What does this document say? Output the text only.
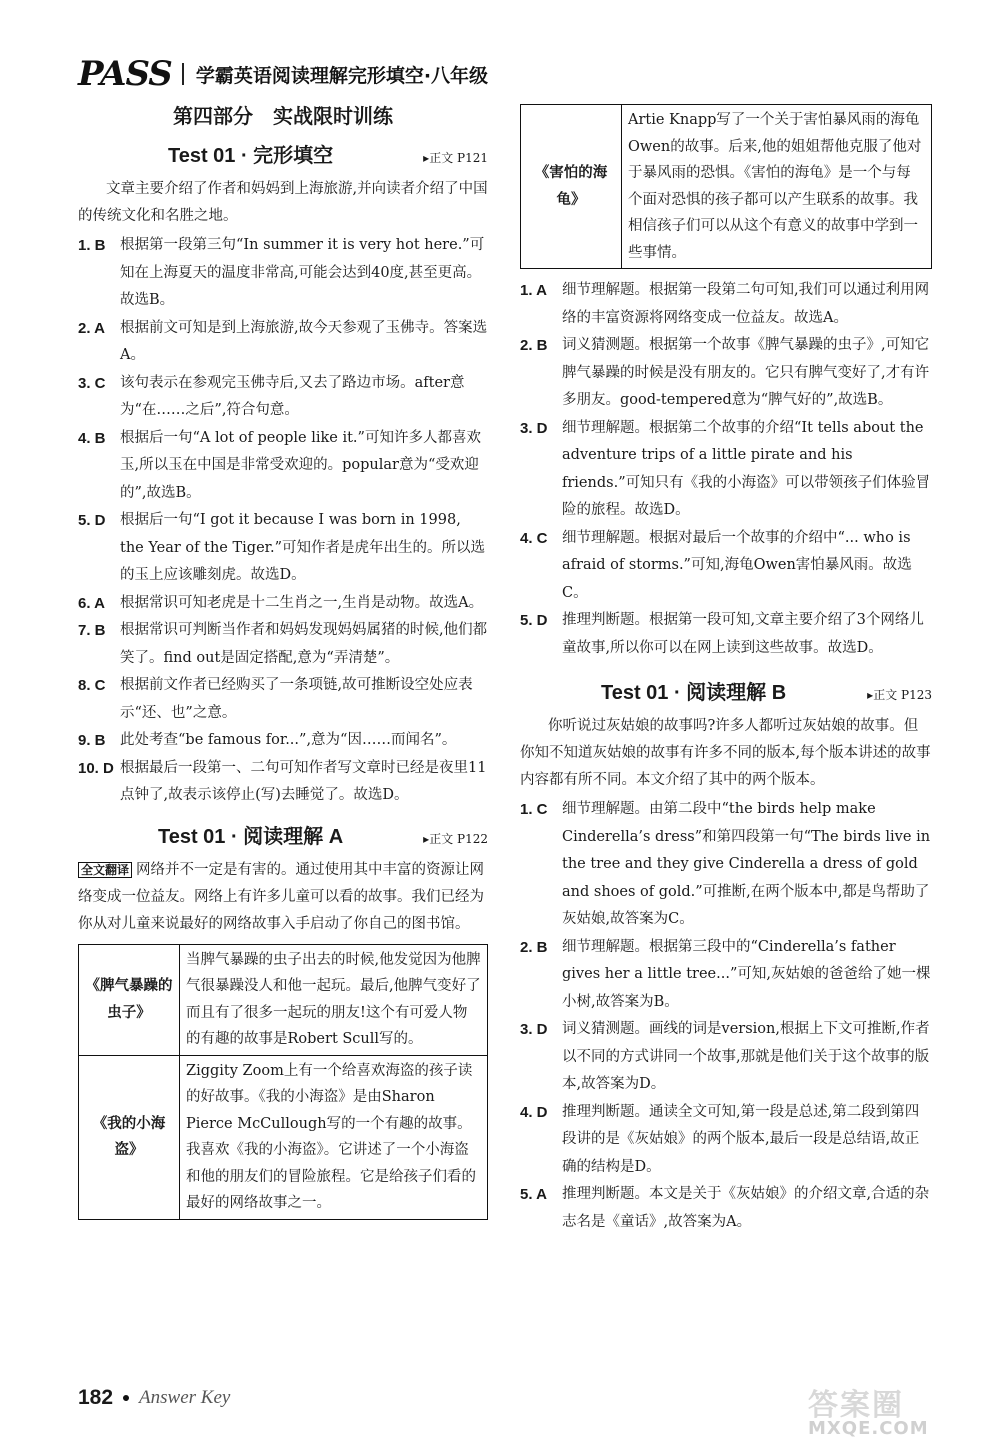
PASS 学霸英语阅读理解完形填空·八年级
第四部分　实战限时训练
Test 01 · 完形填空	▸正文 P121

文章主要介绍了作者和妈妈到上海旅游,并向读者介绍了中国的传统文化和名胜之地。

1. B 根据第一段第三句“In summer it is very hot here.”可知在上海夏天的温度非常高,可能会达到40度,甚至更高。故选B。
2. A	根据前文可知是到上海旅游,故今天参观了玉佛寺。答案选A。
3. C 该句表示在参观完玉佛寺后,又去了路边市场。after意为“在……之后”,符合句意。
4. B 根据后一句“A lot of people like it.”可知许多人都喜欢玉,所以玉在中国是非常受欢迎的。popular意为“受欢迎的”,故选B。
5. D 根据后一句“I got it because I was born in 1998, the Year of the Tiger.”可知作者是虎年出生的。所以选的玉上应该雕刻虎。故选D。
6. A	根据常识可知老虎是十二生肖之一,生肖是动物。故选A。
7. B 根据常识可判断当作者和妈妈发现妈妈属猪的时候,他们都笑了。find out是固定搭配,意为“弄清楚”。
8. C 根据前文作者已经购买了一条项链,故可推断设空处应表示“还、也”之意。
9. B 此处考查“be famous for...”,意为“因……而闻名”。
10. D 根据最后一段第一、二句可知作者写文章时已经是夜里11点钟了,故表示该停止(写)去睡觉了。故选D。
Test 01 · 阅读理解 A	▸正文 P122

全文翻译 网络并不一定是有害的。通过使用其中丰富的资源让网络变成一位益友。网络上有许多儿童可以看的故事。我们已经为你从对儿童来说最好的网络故事入手启动了你自己的图书馆。

《脾气暴躁的虫子》	当脾气暴躁的虫子出去的时候,他发觉因为他脾气很暴躁没人和他一起玩。最后,他脾气变好了而且有了很多一起玩的朋友!这个有可爱人物的有趣的故事是Robert Scull写的。
《我的小海盗》	Ziggity Zoom上有一个给喜欢海盗的孩子读的好故事。《我的小海盗》是由Sharon Pierce McCullough写的一个有趣的故事。我喜欢《我的小海盗》。它讲述了一个小海盗和他的朋友们的冒险旅程。它是给孩子们看的最好的网络故事之一。
《害怕的海龟》	Artie Knapp写了一个关于害怕暴风雨的海龟Owen的故事。后来,他的姐姐帮他克服了他对于暴风雨的恐惧。《害怕的海龟》是一个与每个面对恐惧的孩子都可以产生联系的故事。我相信孩子们可以从这个有意义的故事中学到一些事情。
1. A	细节理解题。根据第一段第二句可知,我们可以通过利用网络的丰富资源将网络变成一位益友。故选A。
2. B 词义猜测题。根据第一个故事《脾气暴躁的虫子》,可知它脾气暴躁的时候是没有朋友的。它只有脾气变好了,才有许多朋友。good-tempered意为“脾气好的”,故选B。
3. D 细节理解题。根据第二个故事的介绍“It tells about the adventure trips of a little pirate and his friends.”可知只有《我的小海盗》可以带领孩子们体验冒险的旅程。故选D。
4. C 细节理解题。根据对最后一个故事的介绍中“... who is afraid of storms.”可知,海龟Owen害怕暴风雨。故选C。
5. D 推理判断题。根据第一段可知,文章主要介绍了3个网络儿童故事,所以你可以在网上读到这些故事。故选D。
Test 01 · 阅读理解 B	▸正文 P123

你听说过灰姑娘的故事吗?许多人都听过灰姑娘的故事。但你知不知道灰姑娘的故事有许多不同的版本,每个版本讲述的故事内容都有所不同。本文介绍了其中的两个版本。

1. C 细节理解题。由第二段中“the birds help make Cinderella’s dress”和第四段第一句“The birds live in the tree and they give Cinderella a dress of gold and shoes of gold.”可推断,在两个版本中,都是鸟帮助了灰姑娘,故答案为C。
2. B 细节理解题。根据第三段中的“Cinderella’s father gives her a little tree...”可知,灰姑娘的爸爸给了她一棵小树,故答案为B。
3. D 词义猜测题。画线的词是version,根据上下文可推断,作者以不同的方式讲同一个故事,那就是他们关于这个故事的版本,故答案为D。
4. D 推理判断题。通读全文可知,第一段是总述,第二段到第四段讲的是《灰姑娘》的两个版本,最后一段是总结语,故正确的结构是D。
5. A	推理判断题。本文是关于《灰姑娘》的介绍文章,合适的杂志名是《童话》,故答案为A。
182 Answer Key	答案圈
MXQE.COM
